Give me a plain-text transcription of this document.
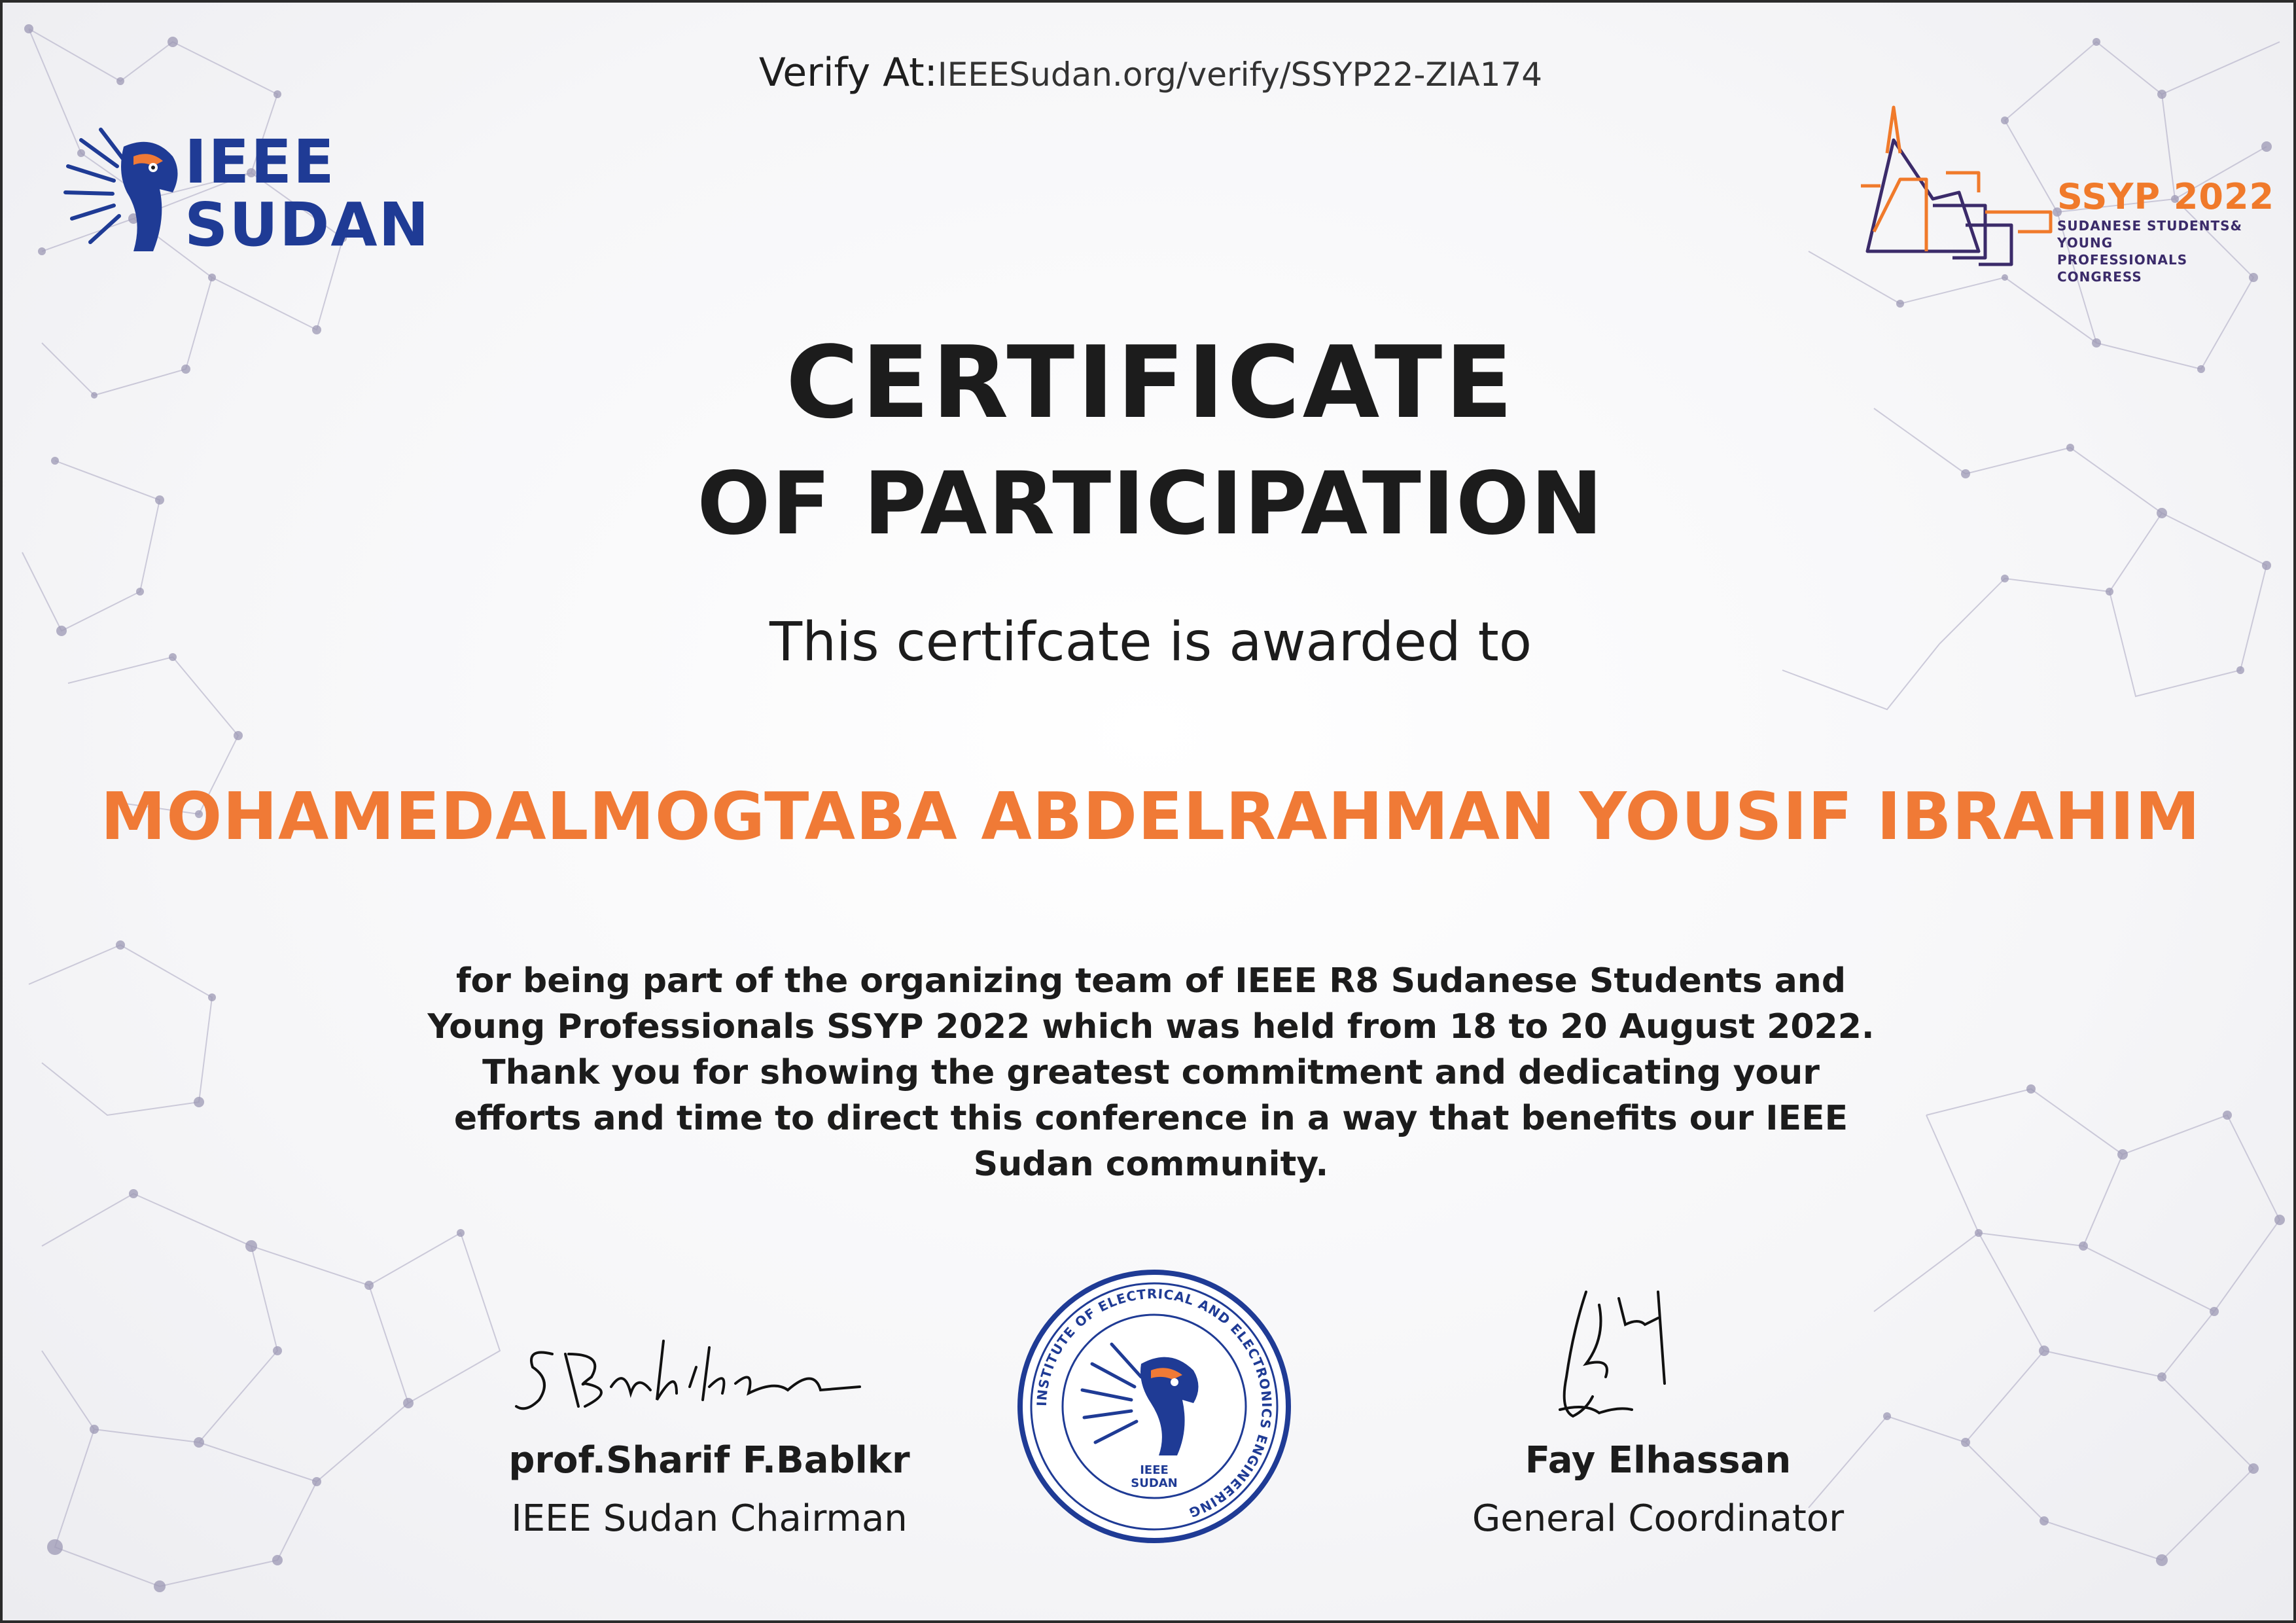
Verify At:IEEESudan.org/verify/SSYP22-ZIA174
IEEE
SUDAN	SSYP 2022
SUDANESE STUDENTS&
YOUNG PROFESSIONALS
CONGRESS
CERTIFICATE
OF PARTICIPATION
This certifcate is awarded to
MOHAMEDALMOGTABA ABDELRAHMAN YOUSIF IBRAHIM

for being part of the organizing team of IEEE R8 Sudanese Students and Young Professionals SSYP 2022 which was held from 18 to 20 August 2022.

Thank you for showing the greatest commitment and dedicating your efforts and time to direct this conference in a way that benefits our IEEE Sudan community.

prof.Sharif F.Bablkr
IEEE Sudan Chairman
Fay Elhassan
General Coordinator
INSTITUTE OF ELECTRICAL AND ELECTRONICS ENGINEERING
IEEE
SUDAN
